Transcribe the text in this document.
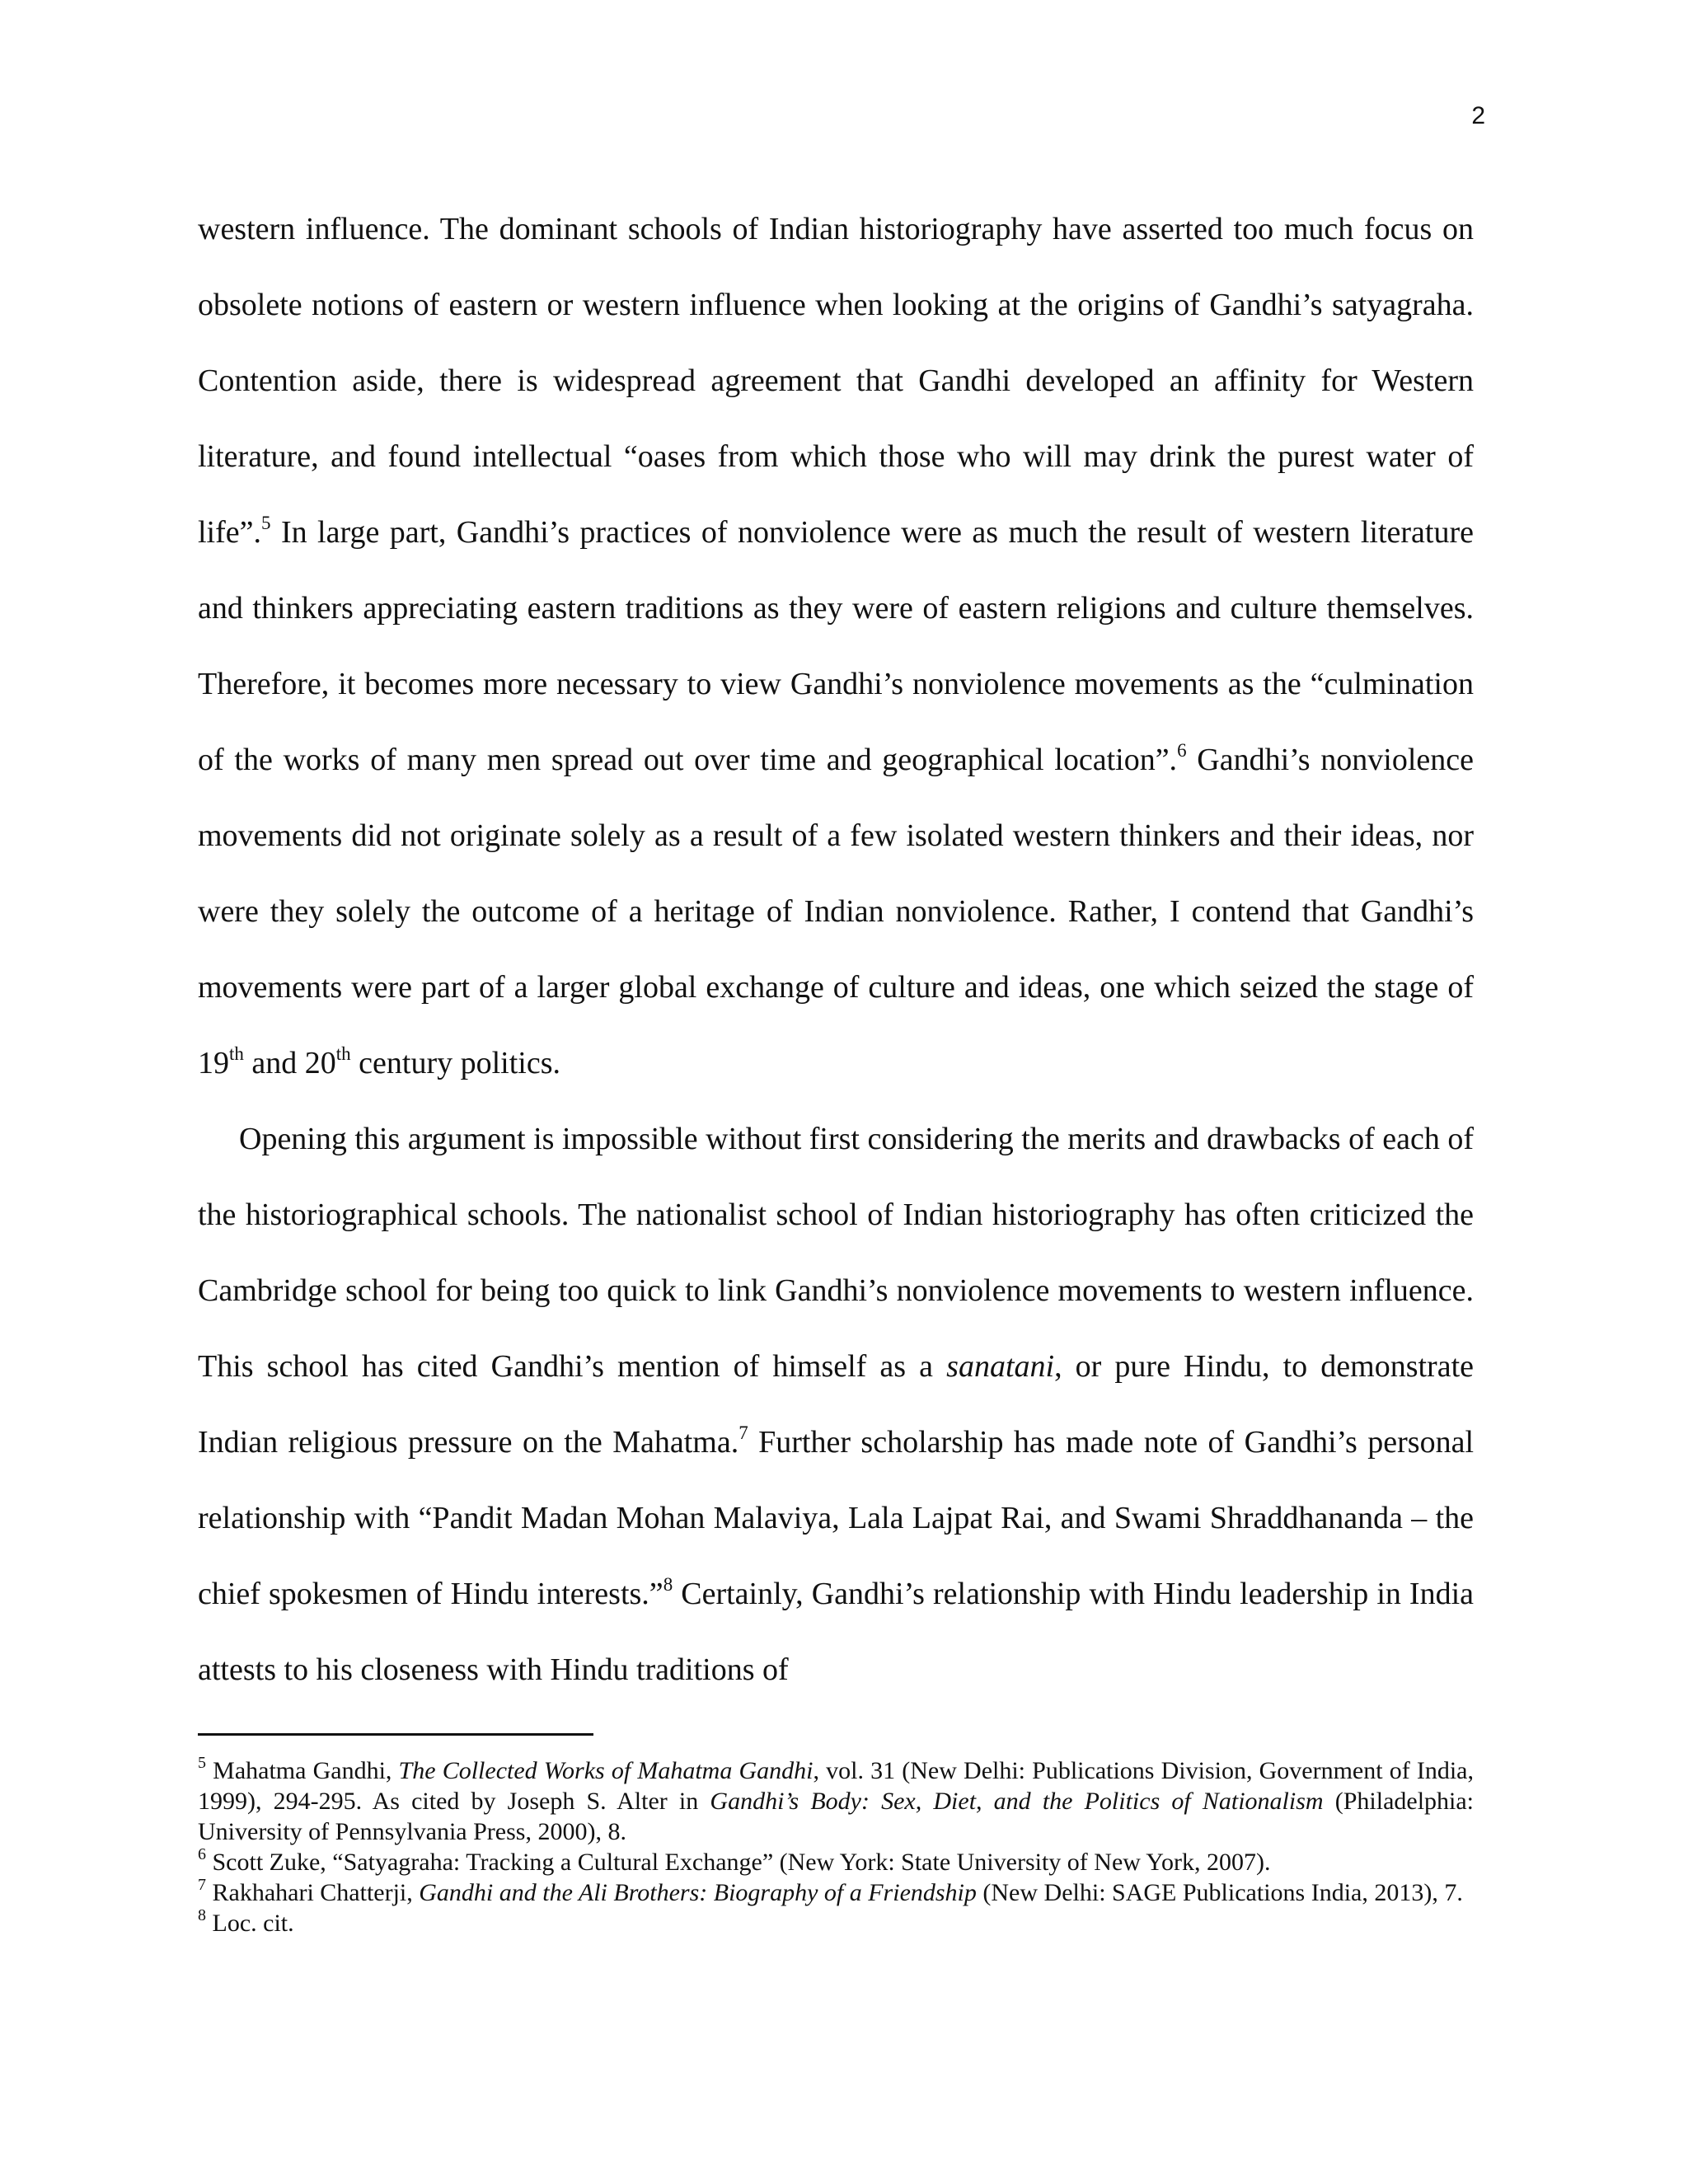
2

western influence. The dominant schools of Indian historiography have asserted too much focus on obsolete notions of eastern or western influence when looking at the origins of Gandhi’s satyagraha. Contention aside, there is widespread agreement that Gandhi developed an affinity for Western literature, and found intellectual “oases from which those who will may drink the purest water of life”.$^5$ In large part, Gandhi’s practices of nonviolence were as much the result of western literature and thinkers appreciating eastern traditions as they were of eastern religions and culture themselves. Therefore, it becomes more necessary to view Gandhi’s nonviolence movements as the “culmination of the works of many men spread out over time and geographical location”.$^6$ Gandhi’s nonviolence movements did not originate solely as a result of a few isolated western thinkers and their ideas, nor were they solely the outcome of a heritage of Indian nonviolence. Rather, I contend that Gandhi’s movements were part of a larger global exchange of culture and ideas, one which seized the stage of 19th and 20th century politics.

Opening this argument is impossible without first considering the merits and drawbacks of each of the historiographical schools. The nationalist school of Indian historiography has often criticized the Cambridge school for being too quick to link Gandhi’s nonviolence movements to western influence. This school has cited Gandhi’s mention of himself as a sanatani, or pure Hindu, to demonstrate Indian religious pressure on the Mahatma.$^7$ Further scholarship has made note of Gandhi’s personal relationship with “Pandit Madan Mohan Malaviya, Lala Lajpat Rai, and Swami Shraddhananda – the chief spokesmen of Hindu interests.”$^8$ Certainly, Gandhi’s relationship with Hindu leadership in India attests to his closeness with Hindu traditions of

$^5$ Mahatma Gandhi, The Collected Works of Mahatma Gandhi, vol. 31 (New Delhi: Publications Division, Government of India, 1999), 294-295. As cited by Joseph S. Alter in Gandhi’s Body: Sex, Diet, and the Politics of Nationalism (Philadelphia: University of Pennsylvania Press, 2000), 8.

$^6$ Scott Zuke, “Satyagraha: Tracking a Cultural Exchange” (New York: State University of New York, 2007).

$^7$ Rakhahari Chatterji, Gandhi and the Ali Brothers: Biography of a Friendship (New Delhi: SAGE Publications India, 2013), 7.

$^8$ Loc. cit.
